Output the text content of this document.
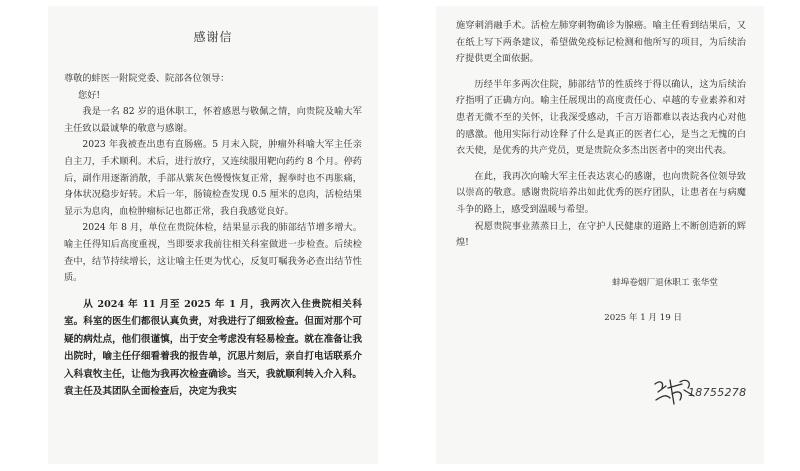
感谢信

尊敬的蚌医一附院党委、院部各位领导：

您好!

我是一名 82 岁的退休职工，怀着感恩与敬佩之情，向贵院及喻大军主任致以最诚挚的敬意与感谢。

2023 年我被查出患有直肠癌。5 月末入院，肿瘤外科喻大军主任亲自主刀，手术顺利。术后，进行放疗，又连续服用靶向药约 8 个月。停药后，副作用逐渐消散，手部从紫灰色慢慢恢复正常，握拳时也不再胀痛，身体状况稳步好转。术后一年，肠镜检查发现 0.5 厘米的息肉，活检结果显示为息肉，血检肿瘤标记也都正常，我自我感觉良好。

2024 年 8 月，单位在贵院体检，结果显示我的肺部结节增多增大。喻主任得知后高度重视，当即要求我前往相关科室做进一步检查。后续检查中，结节持续增长，这让喻主任更为忧心，反复叮嘱我务必查出结节性质。

从 2024 年 11 月至 2025 年 1 月，我两次入住贵院相关科室。科室的医生们都很认真负责，对我进行了细致检查。但面对那个可疑的病灶点，他们很谨慎，出于安全考虑没有轻易检查。就在准备让我出院时，喻主任仔细看着我的报告单，沉思片刻后，亲自打电话联系介入科袁牧主任，让他为我再次检查确诊。当天，我就顺利转入介入科。袁主任及其团队全面检查后，决定为我实

施穿刺消融手术。活检左肺穿刺物确诊为腺癌。喻主任看到结果后，又在纸上写下两条建议，希望做免疫标记检测和他所写的项目，为后续治疗提供更全面依据。

历经半年多两次住院，肺部结节的性质终于得以确认，这为后续治疗指明了正确方向。喻主任展现出的高度责任心、卓越的专业素养和对患者无微不至的关怀，让我深受感动，千言万语都难以表达我内心对他的感激。他用实际行动诠释了什么是真正的医者仁心，是当之无愧的白衣天使，是优秀的共产党员，更是贵院众多杰出医者中的突出代表。

在此，我再次向喻大军主任表达衷心的感谢，也向贵院各位领导致以崇高的敬意。感谢贵院培养出如此优秀的医疗团队，让患者在与病魔斗争的路上，感受到温暖与希望。

祝愿贵院事业蒸蒸日上，在守护人民健康的道路上不断创造新的辉煌!

蚌埠卷烟厂退休职工 张华堂
2025 年 1 月 19 日
18755278
